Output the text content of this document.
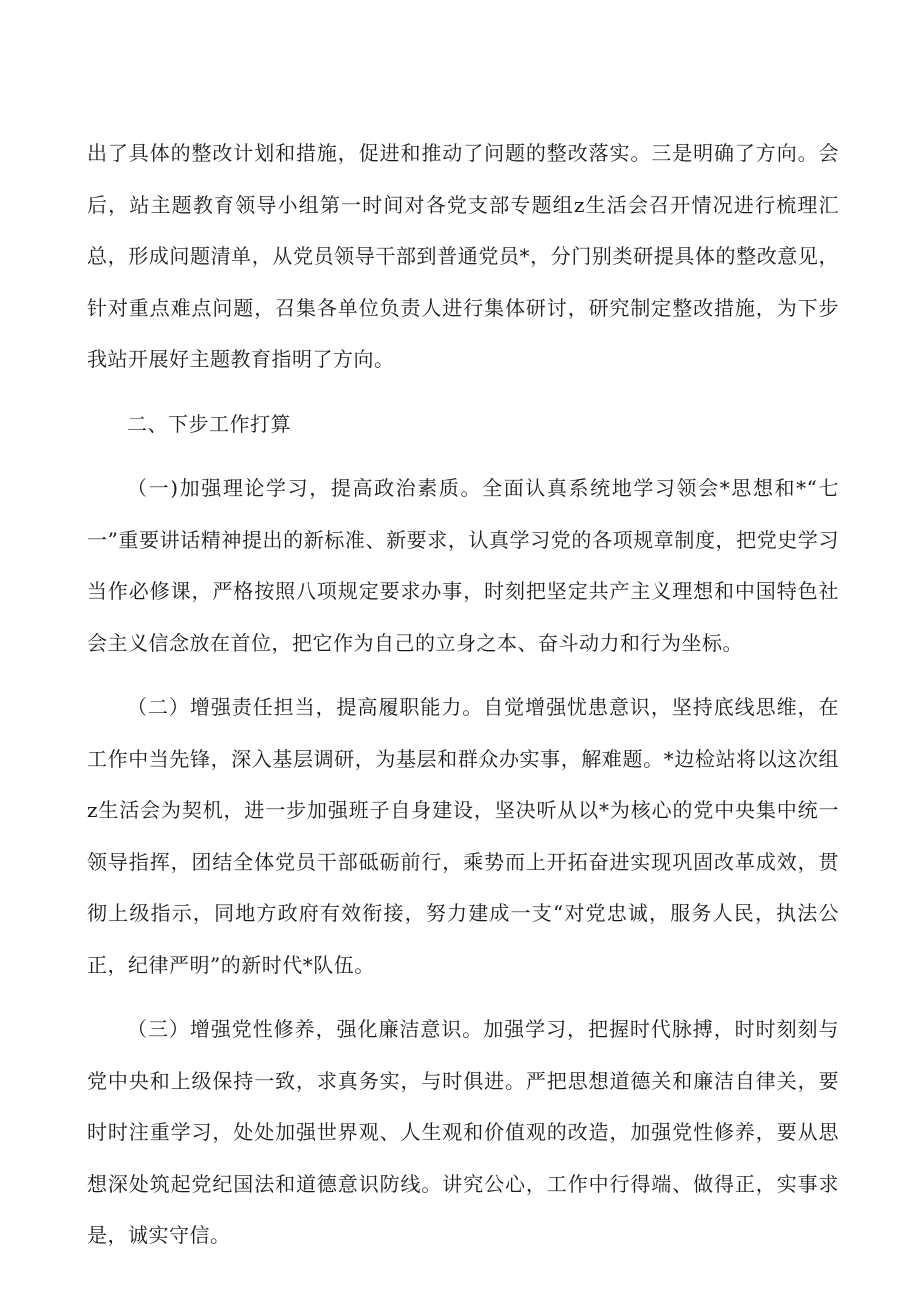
出了具体的整改计划和措施，促进和推动了问题的整改落实。三是明确了方向。会后，站主题教育领导小组第一时间对各党支部专题组z生活会召开情况进行梳理汇总，形成问题清单，从党员领导干部到普通党员*，分门别类研提具体的整改意见，针对重点难点问题，召集各单位负责人进行集体研讨，研究制定整改措施，为下步我站开展好主题教育指明了方向。

二、下步工作打算

（一)加强理论学习，提高政治素质。全面认真系统地学习领会*思想和*“七一”重要讲话精神提出的新标准、新要求，认真学习党的各项规章制度，把党史学习当作必修课，严格按照八项规定要求办事，时刻把坚定共产主义理想和中国特色社会主义信念放在首位，把它作为自己的立身之本、奋斗动力和行为坐标。

（二）增强责任担当，提高履职能力。自觉增强忧患意识，坚持底线思维，在工作中当先锋，深入基层调研，为基层和群众办实事，解难题。*边检站将以这次组z生活会为契机，进一步加强班子自身建设，坚决听从以*为核心的党中央集中统一领导指挥，团结全体党员干部砥砺前行，乘势而上开拓奋进实现巩固改革成效，贯彻上级指示，同地方政府有效衔接，努力建成一支“对党忠诚，服务人民，执法公正，纪律严明”的新时代*队伍。

（三）增强党性修养，强化廉洁意识。加强学习，把握时代脉搏，时时刻刻与党中央和上级保持一致，求真务实，与时俱进。严把思想道德关和廉洁自律关，要时时注重学习，处处加强世界观、人生观和价值观的改造，加强党性修养，要从思想深处筑起党纪国法和道德意识防线。讲究公心，工作中行得端、做得正，实事求是，诚实守信。
